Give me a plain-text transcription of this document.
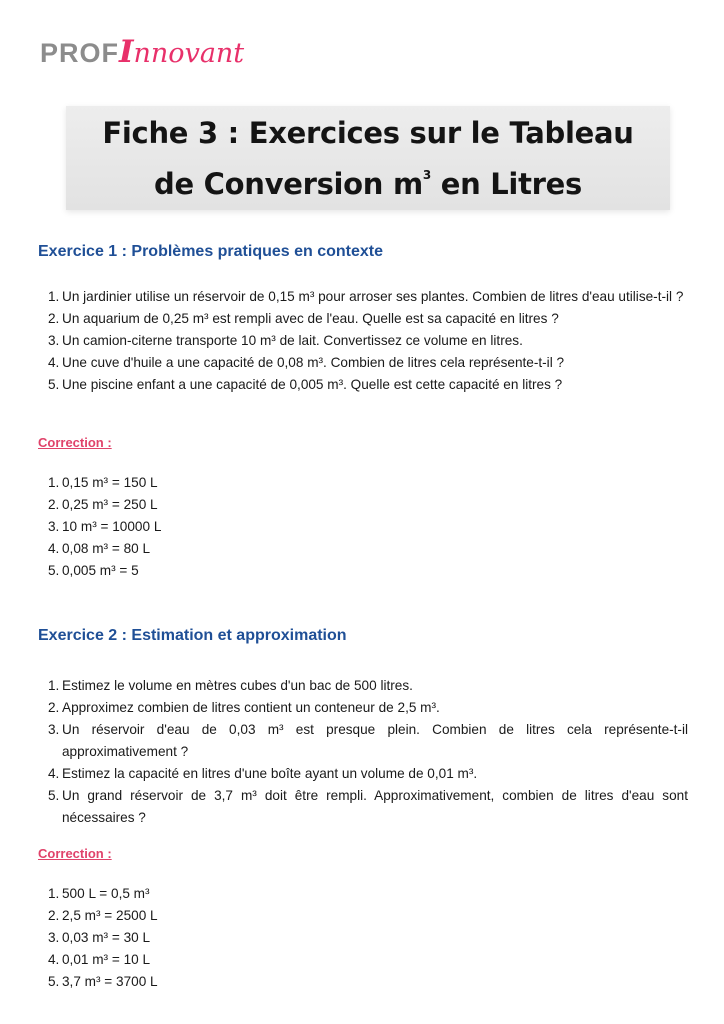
PROFInnovant
Fiche 3 : Exercices sur le Tableau
de Conversion $m^3$ en Litres
Exercice 1 : Problèmes pratiques en contexte
1. Un jardinier utilise un réservoir de 0,15 m³ pour arroser ses plantes. Combien de litres d'eau utilise-t-il ?
2. Un aquarium de 0,25 m³ est rempli avec de l'eau. Quelle est sa capacité en litres ?
3. Un camion-citerne transporte 10 m³ de lait. Convertissez ce volume en litres.
4. Une cuve d'huile a une capacité de 0,08 m³. Combien de litres cela représente-t-il ?
5. Une piscine enfant a une capacité de 0,005 m³. Quelle est cette capacité en litres ?
Correction :
1. 0,15 m³ = 150 L
2. 0,25 m³ = 250 L
3. 10 m³ = 10000 L
4. 0,08 m³ = 80 L
5. 0,005 m³ = 5
Exercice 2 : Estimation et approximation
1. Estimez le volume en mètres cubes d'un bac de 500 litres.
2. Approximez combien de litres contient un conteneur de 2,5 m³.
3. Un réservoir d'eau de 0,03 m³ est presque plein. Combien de litres cela représente-t-il approximativement ?
4. Estimez la capacité en litres d'une boîte ayant un volume de 0,01 m³.
5. Un grand réservoir de 3,7 m³ doit être rempli. Approximativement, combien de litres d'eau sont nécessaires ?
Correction :
1. 500 L = 0,5 m³
2. 2,5 m³ = 2500 L
3. 0,03 m³ = 30 L
4. 0,01 m³ = 10 L
5. 3,7 m³ = 3700 L
